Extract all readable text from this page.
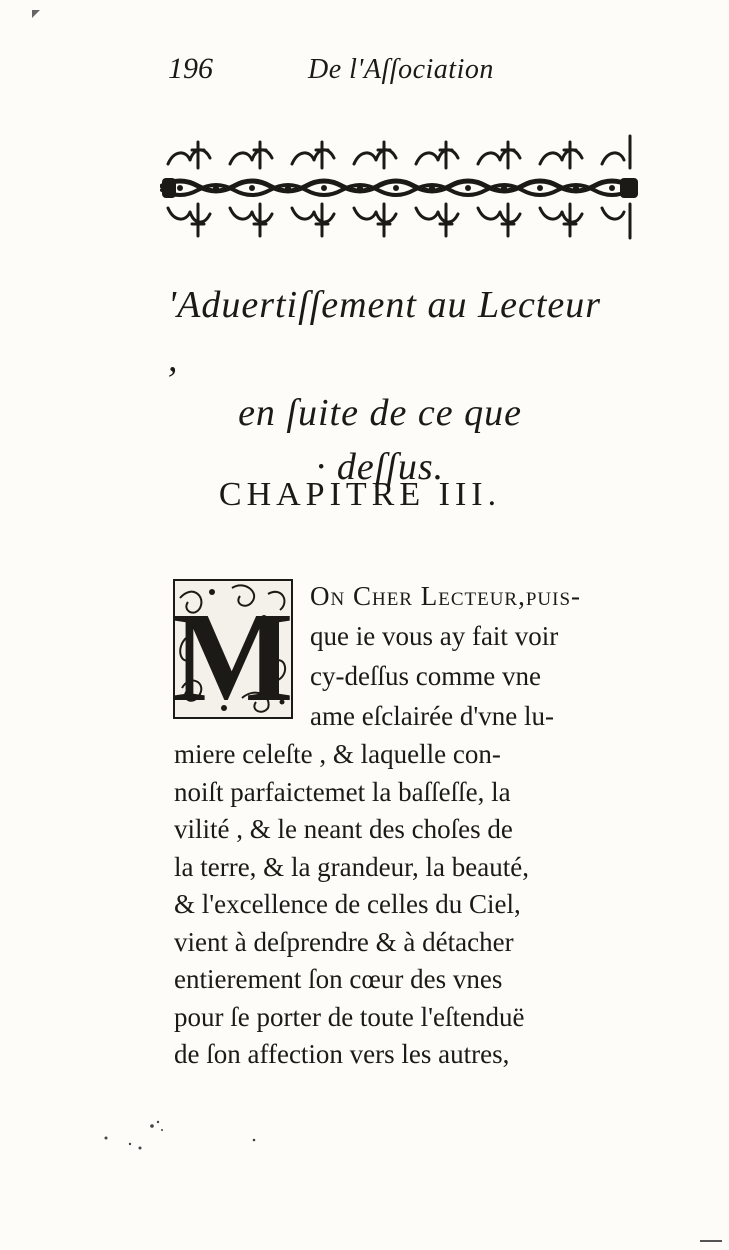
196	De l'Aſſociation
'Aduertiſſement au Lecteur ,
en ſuite de ce que
· deſſus.
CHAPITRE III.
M On Cher Lecteur,puiſ-
que ie vous ay fait voir
cy-deſſus comme vne
ame eſclairée d'vne lu-
miere celeſte , & laquelle con-
noiſt parfaictemet la baſſeſſe, la
vilité , & le neant des choſes de
la terre, & la grandeur, la beauté,
& l'excellence de celles du Ciel,
vient à deſprendre & à détacher
entierement ſon cœur des vnes
pour ſe porter de toute l'eſtenduë
de ſon affection vers les autres,
